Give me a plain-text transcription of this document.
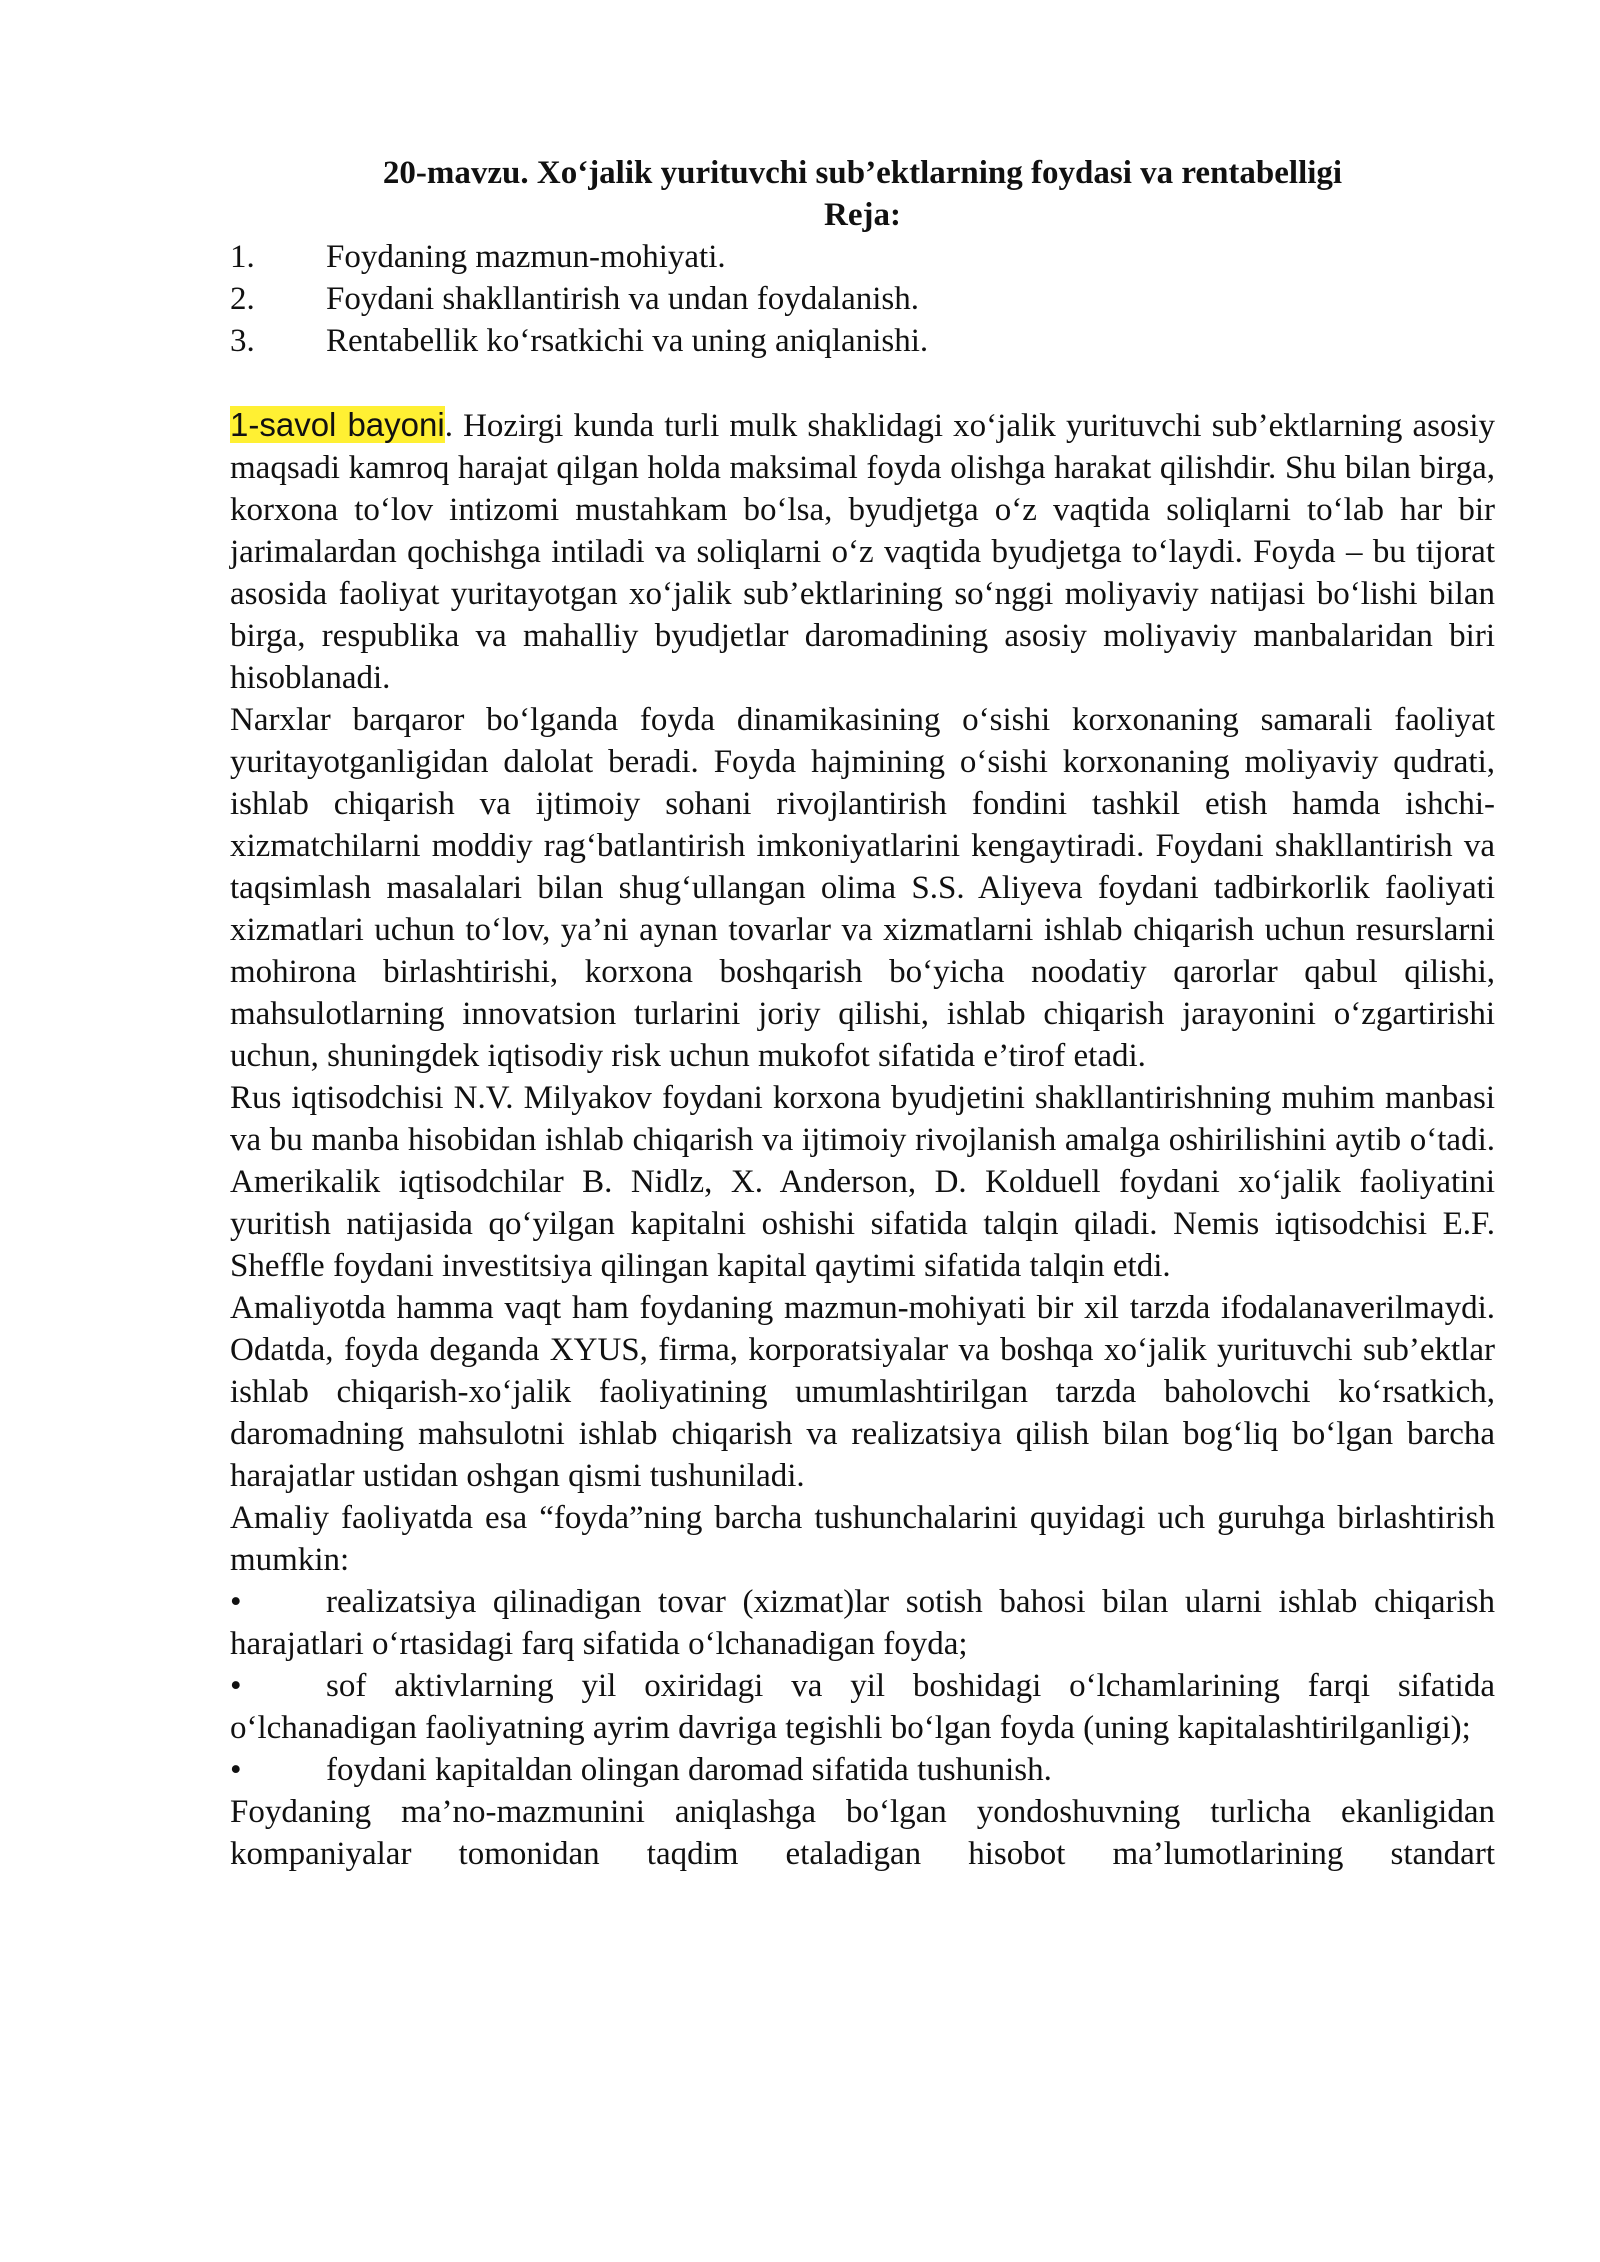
20-mavzu. Xo‘jalik yurituvchi sub’ektlarning foydasi va rentabelligi
Reja:
1.	Foydaning mazmun-mohiyati.
2.	Foydani shakllantirish va undan foydalanish.
3.	Rentabellik ko‘rsatkichi va uning aniqlanishi.

1-savol bayoni. Hozirgi kunda turli mulk shaklidagi xo‘jalik yurituvchi sub’ektlarning asosiy maqsadi kamroq harajat qilgan holda maksimal foyda olishga harakat qilishdir. Shu bilan birga, korxona to‘lov intizomi mustahkam bo‘lsa, byudjetga o‘z vaqtida soliqlarni to‘lab har bir jarimalardan qochishga intiladi va soliqlarni o‘z vaqtida byudjetga to‘laydi. Foyda – bu tijorat asosida faoliyat yuritayotgan xo‘jalik sub’ektlarining so‘nggi moliyaviy natijasi bo‘lishi bilan birga, respublika va mahalliy byudjetlar daromadining asosiy moliyaviy manbalaridan biri hisoblanadi.

Narxlar barqaror bo‘lganda foyda dinamikasining o‘sishi korxonaning samarali faoliyat yuritayotganligidan dalolat beradi. Foyda hajmining o‘sishi korxonaning moliyaviy qudrati, ishlab chiqarish va ijtimoiy sohani rivojlantirish fondini tashkil etish hamda ishchi-xizmatchilarni moddiy rag‘batlantirish imkoniyatlarini kengaytiradi. Foydani shakllantirish va taqsimlash masalalari bilan shug‘ullangan olima S.S. Aliyeva foydani tadbirkorlik faoliyati xizmatlari uchun to‘lov, ya’ni aynan tovarlar va xizmatlarni ishlab chiqarish uchun resurslarni mohirona birlashtirishi, korxona boshqarish bo‘yicha noodatiy qarorlar qabul qilishi, mahsulotlarning innovatsion turlarini joriy qilishi, ishlab chiqarish jarayonini o‘zgartirishi uchun, shuningdek iqtisodiy risk uchun mukofot sifatida e’tirof etadi.

Rus iqtisodchisi N.V. Milyakov foydani korxona byudjetini shakllantirishning muhim manbasi va bu manba hisobidan ishlab chiqarish va ijtimoiy rivojlanish amalga oshirilishini aytib o‘tadi. Amerikalik iqtisodchilar B. Nidlz, X. Anderson, D. Kolduell foydani xo‘jalik faoliyatini yuritish natijasida qo‘yilgan kapitalni oshishi sifatida talqin qiladi. Nemis iqtisodchisi E.F. Sheffle foydani investitsiya qilingan kapital qaytimi sifatida talqin etdi.

Amaliyotda hamma vaqt ham foydaning mazmun-mohiyati bir xil tarzda ifodalanaverilmaydi. Odatda, foyda deganda XYUS, firma, korporatsiyalar va boshqa xo‘jalik yurituvchi sub’ektlar ishlab chiqarish-xo‘jalik faoliyatining umumlashtirilgan tarzda baholovchi ko‘rsatkich, daromadning mahsulotni ishlab chiqarish va realizatsiya qilish bilan bog‘liq bo‘lgan barcha harajatlar ustidan oshgan qismi tushuniladi.

Amaliy faoliyatda esa “foyda”ning barcha tushunchalarini quyidagi uch guruhga birlashtirish mumkin:

•	realizatsiya qilinadigan tovar (xizmat)lar sotish bahosi bilan ularni ishlab chiqarish harajatlari o‘rtasidagi farq sifatida o‘lchanadigan foyda;
•	sof aktivlarning yil oxiridagi va yil boshidagi o‘lchamlarining farqi sifatida o‘lchanadigan faoliyatning ayrim davriga tegishli bo‘lgan foyda (uning kapitalashtirilganligi);
•	foydani kapitaldan olingan daromad sifatida tushunish.

Foydaning ma’no-mazmunini aniqlashga bo‘lgan yondoshuvning turlicha ekanligidan kompaniyalar tomonidan taqdim etaladigan hisobot ma’lumotlarining standart
